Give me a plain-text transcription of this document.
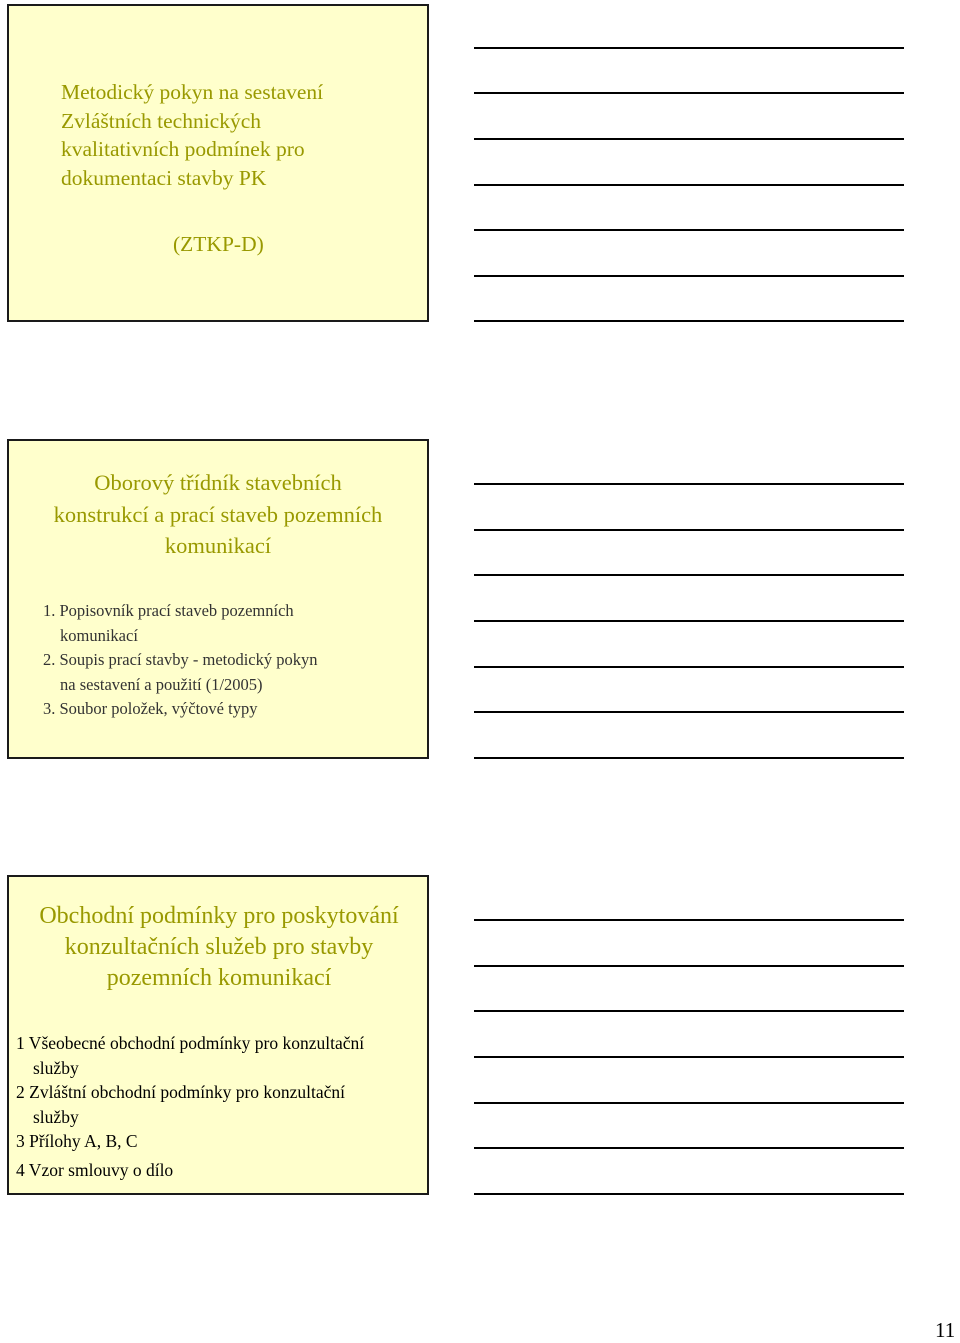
Metodický pokyn na sestavení
Zvláštních technických
kvalitativních podmínek pro
dokumentaci stavby PK
(ZTKP-D)
Oborový třídník stavebních
konstrukcí a prací staveb pozemních
komunikací
1. Popisovník prací staveb pozemních
komunikací
2. Soupis prací stavby - metodický pokyn
na sestavení a použití (1/2005)
3. Soubor položek, výčtové typy
Obchodní podmínky pro poskytování
konzultačních služeb pro stavby
pozemních komunikací
1 Všeobecné obchodní podmínky pro konzultační
služby
2 Zvláštní obchodní podmínky pro konzultační
služby
3 Přílohy A, B, C
4 Vzor smlouvy o dílo
11
